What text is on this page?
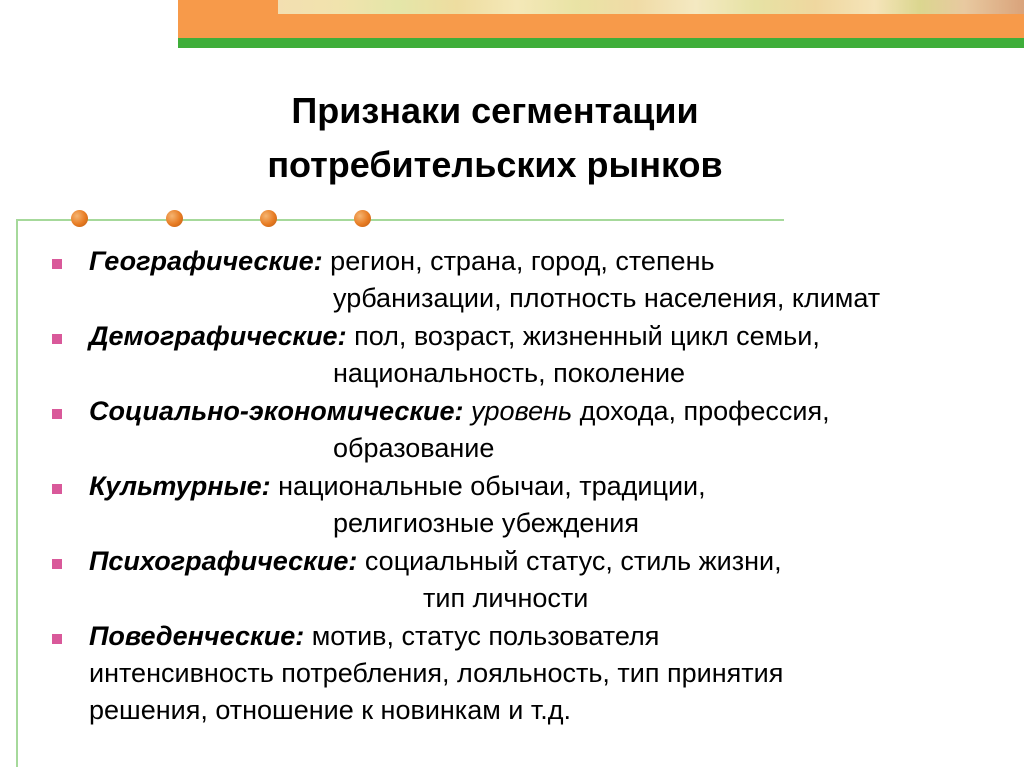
Признаки сегментации
потребительских рынков
Географические: регион, страна, город, степень
урбанизации, плотность населения, климат
Демографические: пол, возраст, жизненный цикл семьи,
национальность, поколение
Социально-экономические: уровень дохода, профессия,
образование
Культурные: национальные обычаи, традиции,
религиозные убеждения
Психографические: социальный статус, стиль жизни,
тип личности
Поведенческие: мотив, статус пользователя
интенсивность потребления, лояльность, тип принятия
решения, отношение к новинкам и т.д.
